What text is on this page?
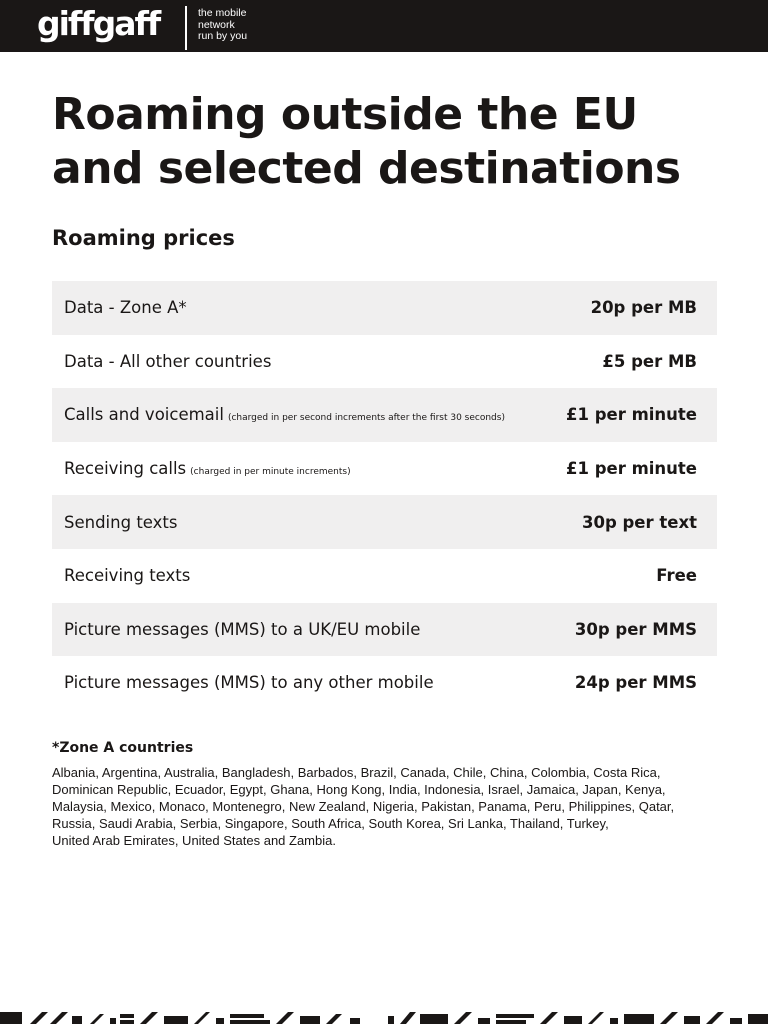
giffgaff	the mobile
network
run by you
Roaming outside the EU
and selected destinations
Roaming prices
Data - Zone A*	20p per MB
Data - All other countries	£5 per MB
Calls and voicemail (charged in per second increments after the first 30 seconds)	£1 per minute
Receiving calls (charged in per minute increments)	£1 per minute
Sending texts	30p per text
Receiving texts	Free
Picture messages (MMS) to a UK/EU mobile	30p per MMS
Picture messages (MMS) to any other mobile	24p per MMS
*Zone A countries
Albania, Argentina, Australia, Bangladesh, Barbados, Brazil, Canada, Chile, China, Colombia, Costa Rica,
Dominican Republic, Ecuador, Egypt, Ghana, Hong Kong, India, Indonesia, Israel, Jamaica, Japan, Kenya,
Malaysia, Mexico, Monaco, Montenegro, New Zealand, Nigeria, Pakistan, Panama, Peru, Philippines, Qatar,
Russia, Saudi Arabia, Serbia, Singapore, South Africa, South Korea, Sri Lanka, Thailand, Turkey,
United Arab Emirates, United States and Zambia.
